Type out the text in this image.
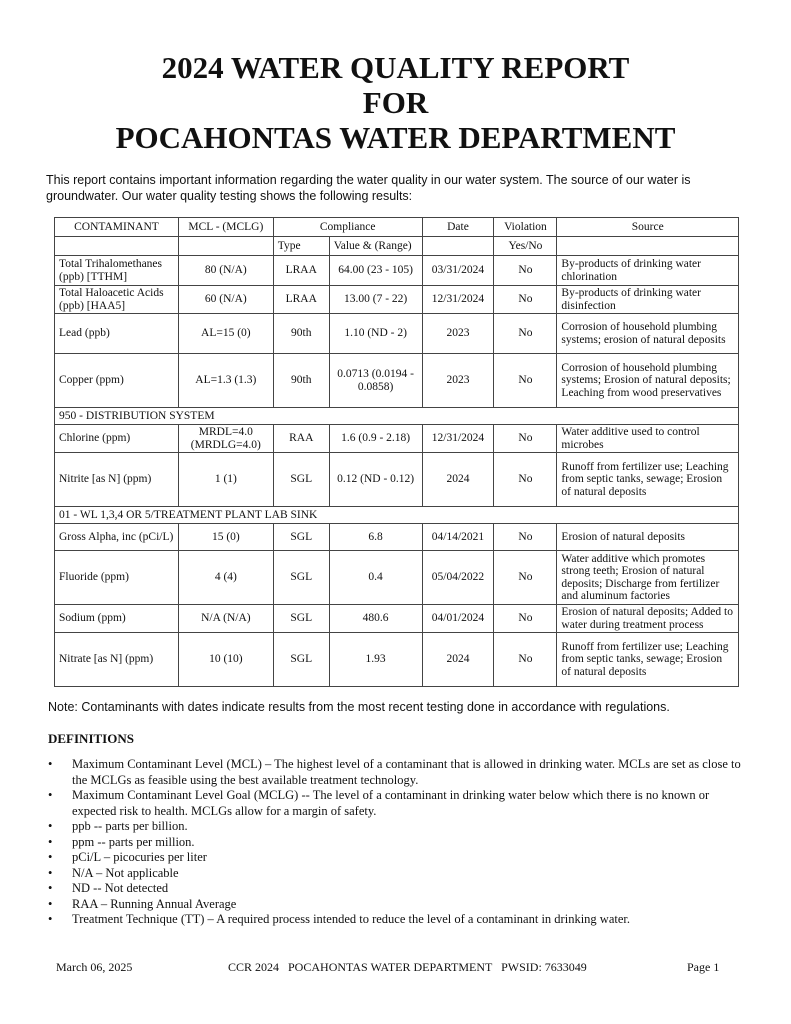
2024 WATER QUALITY REPORT
FOR
POCAHONTAS WATER DEPARTMENT
This report contains important information regarding the water quality in our water system. The source of our water is groundwater. Our water quality testing shows the following results:
CONTAMINANT	MCL - (MCLG)	Compliance		Date	Violation	Source
		Type	Value & (Range)		Yes/No	
Total Trihalomethanes (ppb) [TTHM]	80 (N/A)	LRAA	64.00 (23 - 105)	03/31/2024	No	By-products of drinking water chlorination
Total Haloacetic Acids (ppb) [HAA5]	60 (N/A)	LRAA	13.00 (7 - 22)	12/31/2024	No	By-products of drinking water disinfection
Lead (ppb)	AL=15 (0)	90th	1.10 (ND - 2)	2023	No	Corrosion of household plumbing systems; erosion of natural deposits
Copper (ppm)	AL=1.3 (1.3)	90th	0.0713 (0.0194 - 0.0858)	2023	No	Corrosion of household plumbing systems; Erosion of natural deposits; Leaching from wood preservatives
950 - DISTRIBUTION SYSTEM						
Chlorine (ppm)	MRDL=4.0 (MRDLG=4.0)	RAA	1.6 (0.9 - 2.18)	12/31/2024	No	Water additive used to control microbes
Nitrite [as N] (ppm)	1 (1)	SGL	0.12 (ND - 0.12)	2024	No	Runoff from fertilizer use; Leaching from septic tanks, sewage; Erosion of natural deposits
01 - WL 1,3,4 OR 5/TREATMENT PLANT LAB SINK						
Gross Alpha, inc (pCi/L)	15 (0)	SGL	6.8	04/14/2021	No	Erosion of natural deposits
Fluoride (ppm)	4 (4)	SGL	0.4	05/04/2022	No	Water additive which promotes strong teeth; Erosion of natural deposits; Discharge from fertilizer and aluminum factories
Sodium (ppm)	N/A (N/A)	SGL	480.6	04/01/2024	No	Erosion of natural deposits; Added to water during treatment process
Nitrate [as N] (ppm)	10 (10)	SGL	1.93	2024	No	Runoff from fertilizer use; Leaching from septic tanks, sewage; Erosion of natural deposits
Note: Contaminants with dates indicate results from the most recent testing done in accordance with regulations.
DEFINITIONS
• Maximum Contaminant Level (MCL) – The highest level of a contaminant that is allowed in drinking water. MCLs are set as close to the MCLGs as feasible using the best available treatment technology.
• Maximum Contaminant Level Goal (MCLG) -- The level of a contaminant in drinking water below which there is no known or expected risk to health. MCLGs allow for a margin of safety.
• ppb -- parts per billion.
• ppm -- parts per million.
• pCi/L – picocuries per liter
• N/A – Not applicable
• ND -- Not detected
• RAA – Running Annual Average
• Treatment Technique (TT) – A required process intended to reduce the level of a contaminant in drinking water.
March 06, 2025	CCR 2024   POCAHONTAS WATER DEPARTMENT   PWSID: 7633049	Page 1
